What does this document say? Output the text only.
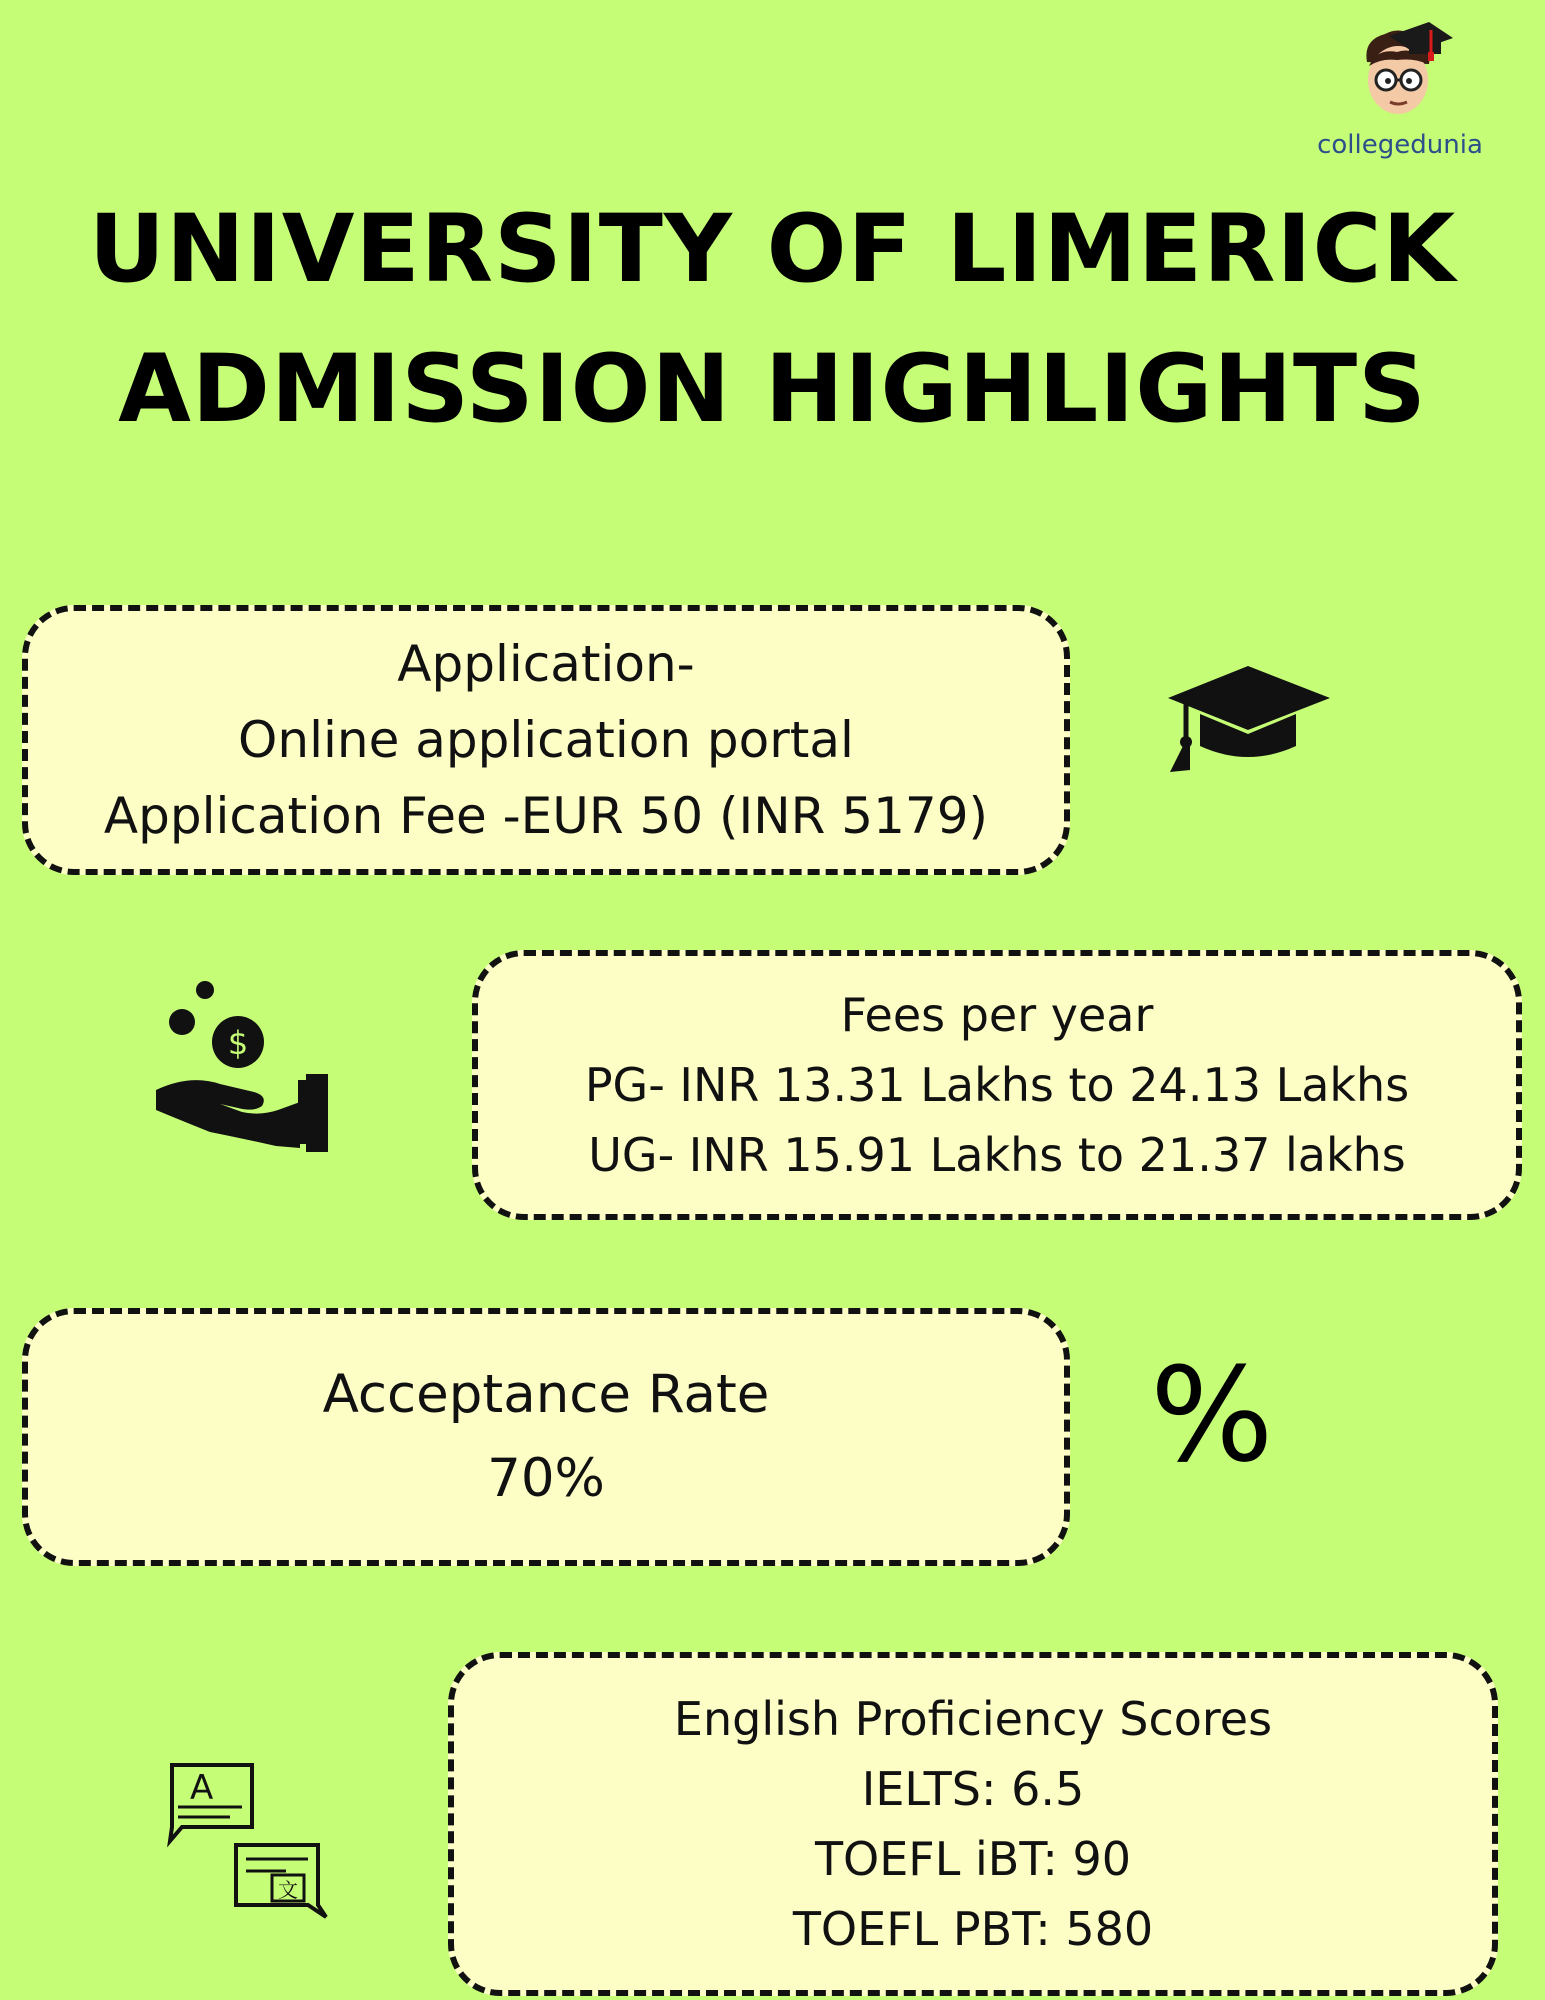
collegedunia
UNIVERSITY OF LIMERICK
ADMISSION HIGHLIGHTS
Application-
Online application portal
Application Fee -EUR 50 (INR 5179)
$
Fees per year
PG- INR 13.31 Lakhs to 24.13 Lakhs
UG- INR 15.91 Lakhs to 21.37 lakhs
Acceptance Rate
70%	%
A
文
English Proficiency Scores
IELTS: 6.5
TOEFL iBT: 90
TOEFL PBT: 580
